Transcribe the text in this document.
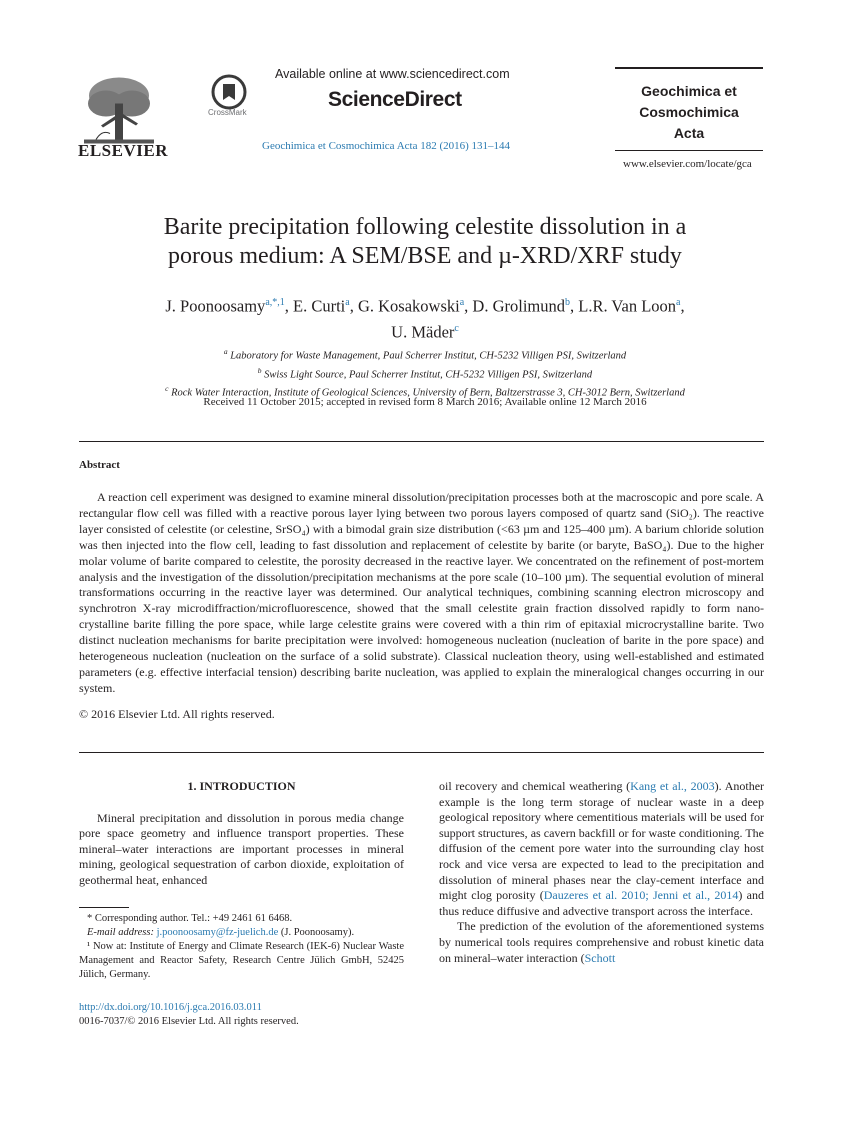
ELSEVIER
CrossMark
Available online at www.sciencedirect.com
ScienceDirect
Geochimica et Cosmochimica Acta 182 (2016) 131–144
Geochimica et
Cosmochimica
Acta
www.elsevier.com/locate/gca
Barite precipitation following celestite dissolution in a
porous medium: A SEM/BSE and µ-XRD/XRF study
J. Poonoosamy$^{a,*,1}$, E. Curti$^a$, G. Kosakowski$^a$, D. Grolimund$^b$, L.R. Van Loon$^a$,
U. Mäder$^c$
$^a$ Laboratory for Waste Management, Paul Scherrer Institut, CH-5232 Villigen PSI, Switzerland
$^b$ Swiss Light Source, Paul Scherrer Institut, CH-5232 Villigen PSI, Switzerland
$^c$ Rock Water Interaction, Institute of Geological Sciences, University of Bern, Baltzerstrasse 3, CH-3012 Bern, Switzerland
Received 11 October 2015; accepted in revised form 8 March 2016; Available online 12 March 2016
Abstract
A reaction cell experiment was designed to examine mineral dissolution/precipitation processes both at the macroscopic and pore scale. A rectangular flow cell was filled with a reactive porous layer lying between two porous layers composed of quartz sand (SiO₂). The reactive layer consisted of celestite (or celestine, SrSO₄) with a bimodal grain size distribution (<63 µm and 125–400 µm). A barium chloride solution was then injected into the flow cell, leading to fast dissolution and replacement of celestite by barite (or baryte, BaSO₄). Due to the higher molar volume of barite compared to celestite, the porosity decreased in the reactive layer. We concentrated on the refinement of post-mortem analysis and the investigation of the dissolution/precipitation mechanisms at the pore scale (10–100 µm). The sequential evolution of mineral transformations occurring in the reactive layer was determined. Our analytical techniques, combining scanning electron microscopy and synchrotron X-ray microdiffraction/microfluorescence, showed that the small celestite grain fraction dissolved rapidly to form nano-crystalline barite filling the pore space, while large celestite grains were covered with a thin rim of epitaxial microcrystalline barite. Two distinct nucleation mechanisms for barite precipitation were involved: homogeneous nucleation (nucleation of barite in the pore space) and heterogeneous nucleation (nucleation on the surface of a solid substrate). Classical nucleation theory, using well-established and estimated parameters (e.g. effective interfacial tension) describing barite nucleation, was applied to explain the mineralogical changes occurring in our system.
© 2016 Elsevier Ltd. All rights reserved.
1. INTRODUCTION

Mineral precipitation and dissolution in porous media change pore space geometry and influence transport properties. These mineral–water interactions are important processes in mineral mining, geological sequestration of carbon dioxide, exploitation of geothermal heat, enhanced

oil recovery and chemical weathering (Kang et al., 2003). Another example is the long term storage of nuclear waste in a deep geological repository where cementitious materials will be used for support structures, as cavern backfill or for waste conditioning. The diffusion of the cement pore water into the surrounding clay host rock and vice versa are expected to lead to the precipitation and dissolution of mineral phases near the clay-cement interface and might clog porosity (Dauzeres et al. 2010; Jenni et al., 2014) and thus reduce diffusive and advective transport across the interface.

The prediction of the evolution of the aforementioned systems by numerical tools requires comprehensive and robust kinetic data on mineral–water interaction (Schott

* Corresponding author. Tel.: +49 2461 61 6468.

E-mail address: j.poonoosamy@fz-juelich.de (J. Poonoosamy).

¹ Now at: Institute of Energy and Climate Research (IEK-6) Nuclear Waste Management and Reactor Safety, Research Centre Jülich GmbH, 52425 Jülich, Germany.

http://dx.doi.org/10.1016/j.gca.2016.03.011
0016-7037/© 2016 Elsevier Ltd. All rights reserved.
